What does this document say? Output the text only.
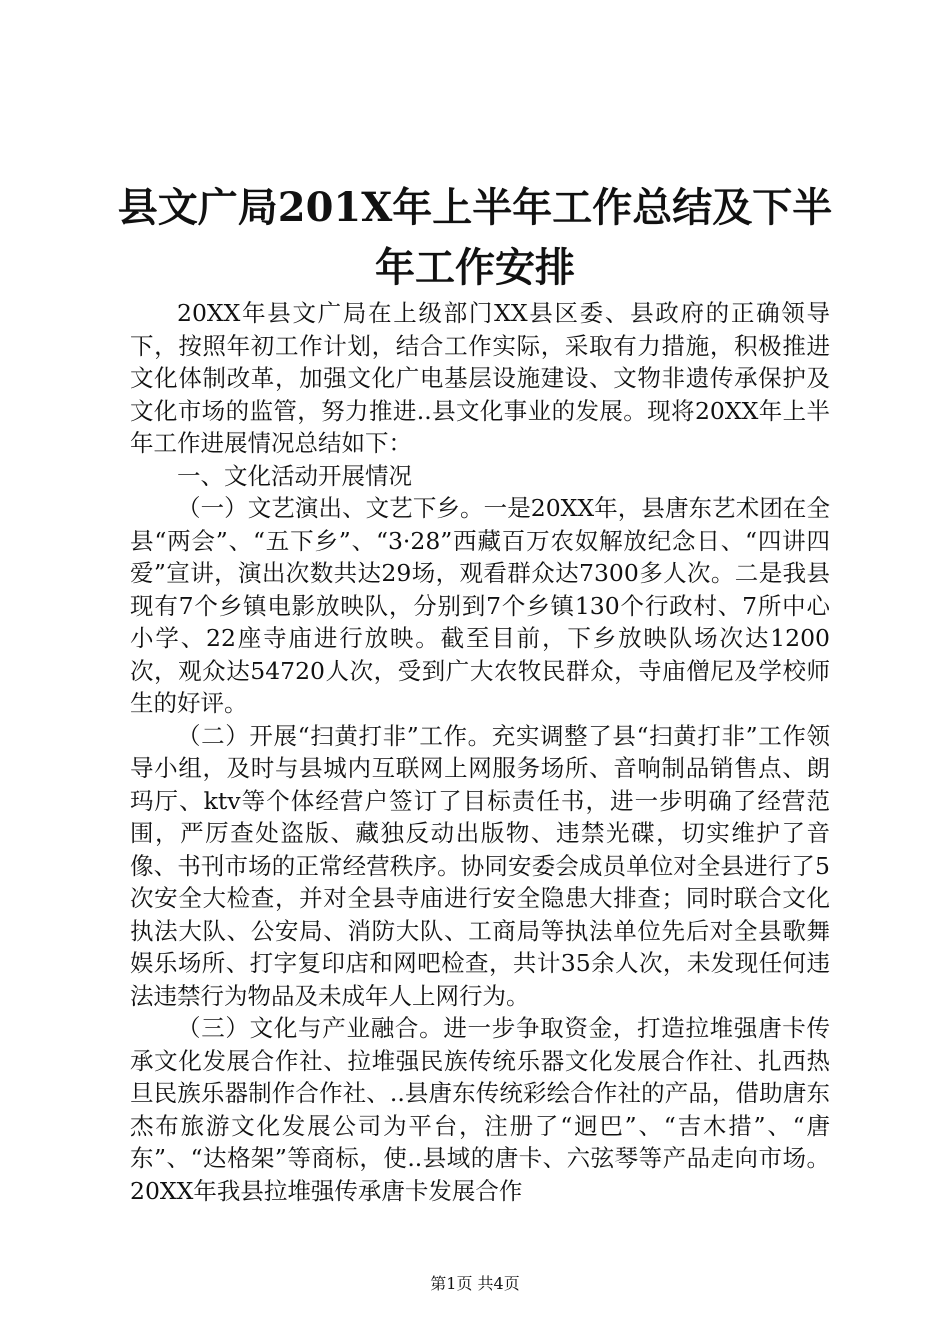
县文广局201X年上半年工作总结及下半年工作安排

20XX年县文广局在上级部门XX县区委、县政府的正确领导下，按照年初工作计划，结合工作实际，采取有力措施，积极推进文化体制改革，加强文化广电基层设施建设、文物非遗传承保护及文化市场的监管，努力推进..县文化事业的发展。现将20XX年上半年工作进展情况总结如下：

一、文化活动开展情况

（一）文艺演出、文艺下乡。一是20XX年，县唐东艺术团在全县“两会”、“五下乡”、“3·28”西藏百万农奴解放纪念日、“四讲四爱”宣讲，演出次数共达29场，观看群众达7300多人次。二是我县现有7个乡镇电影放映队，分别到7个乡镇130个行政村、7所中心小学、22座寺庙进行放映。截至目前，下乡放映队场次达1200次，观众达54720人次，受到广大农牧民群众，寺庙僧尼及学校师生的好评。

（二）开展“扫黄打非”工作。充实调整了县“扫黄打非”工作领导小组，及时与县城内互联网上网服务场所、音响制品销售点、朗玛厅、ktv等个体经营户签订了目标责任书，进一步明确了经营范围，严厉查处盗版、藏独反动出版物、违禁光碟，切实维护了音像、书刊市场的正常经营秩序。协同安委会成员单位对全县进行了5次安全大检查，并对全县寺庙进行安全隐患大排查；同时联合文化执法大队、公安局、消防大队、工商局等执法单位先后对全县歌舞娱乐场所、打字复印店和网吧检查，共计35余人次，未发现任何违法违禁行为物品及未成年人上网行为。

（三）文化与产业融合。进一步争取资金，打造拉堆强唐卡传承文化发展合作社、拉堆强民族传统乐器文化发展合作社、扎西热旦民族乐器制作合作社、..县唐东传统彩绘合作社的产品，借助唐东杰布旅游文化发展公司为平台，注册了“迥巴”、“吉木措”、“唐东”、“达格架”等商标，使..县域的唐卡、六弦琴等产品走向市场。20XX年我县拉堆强传承唐卡发展合作

第1页 共4页
